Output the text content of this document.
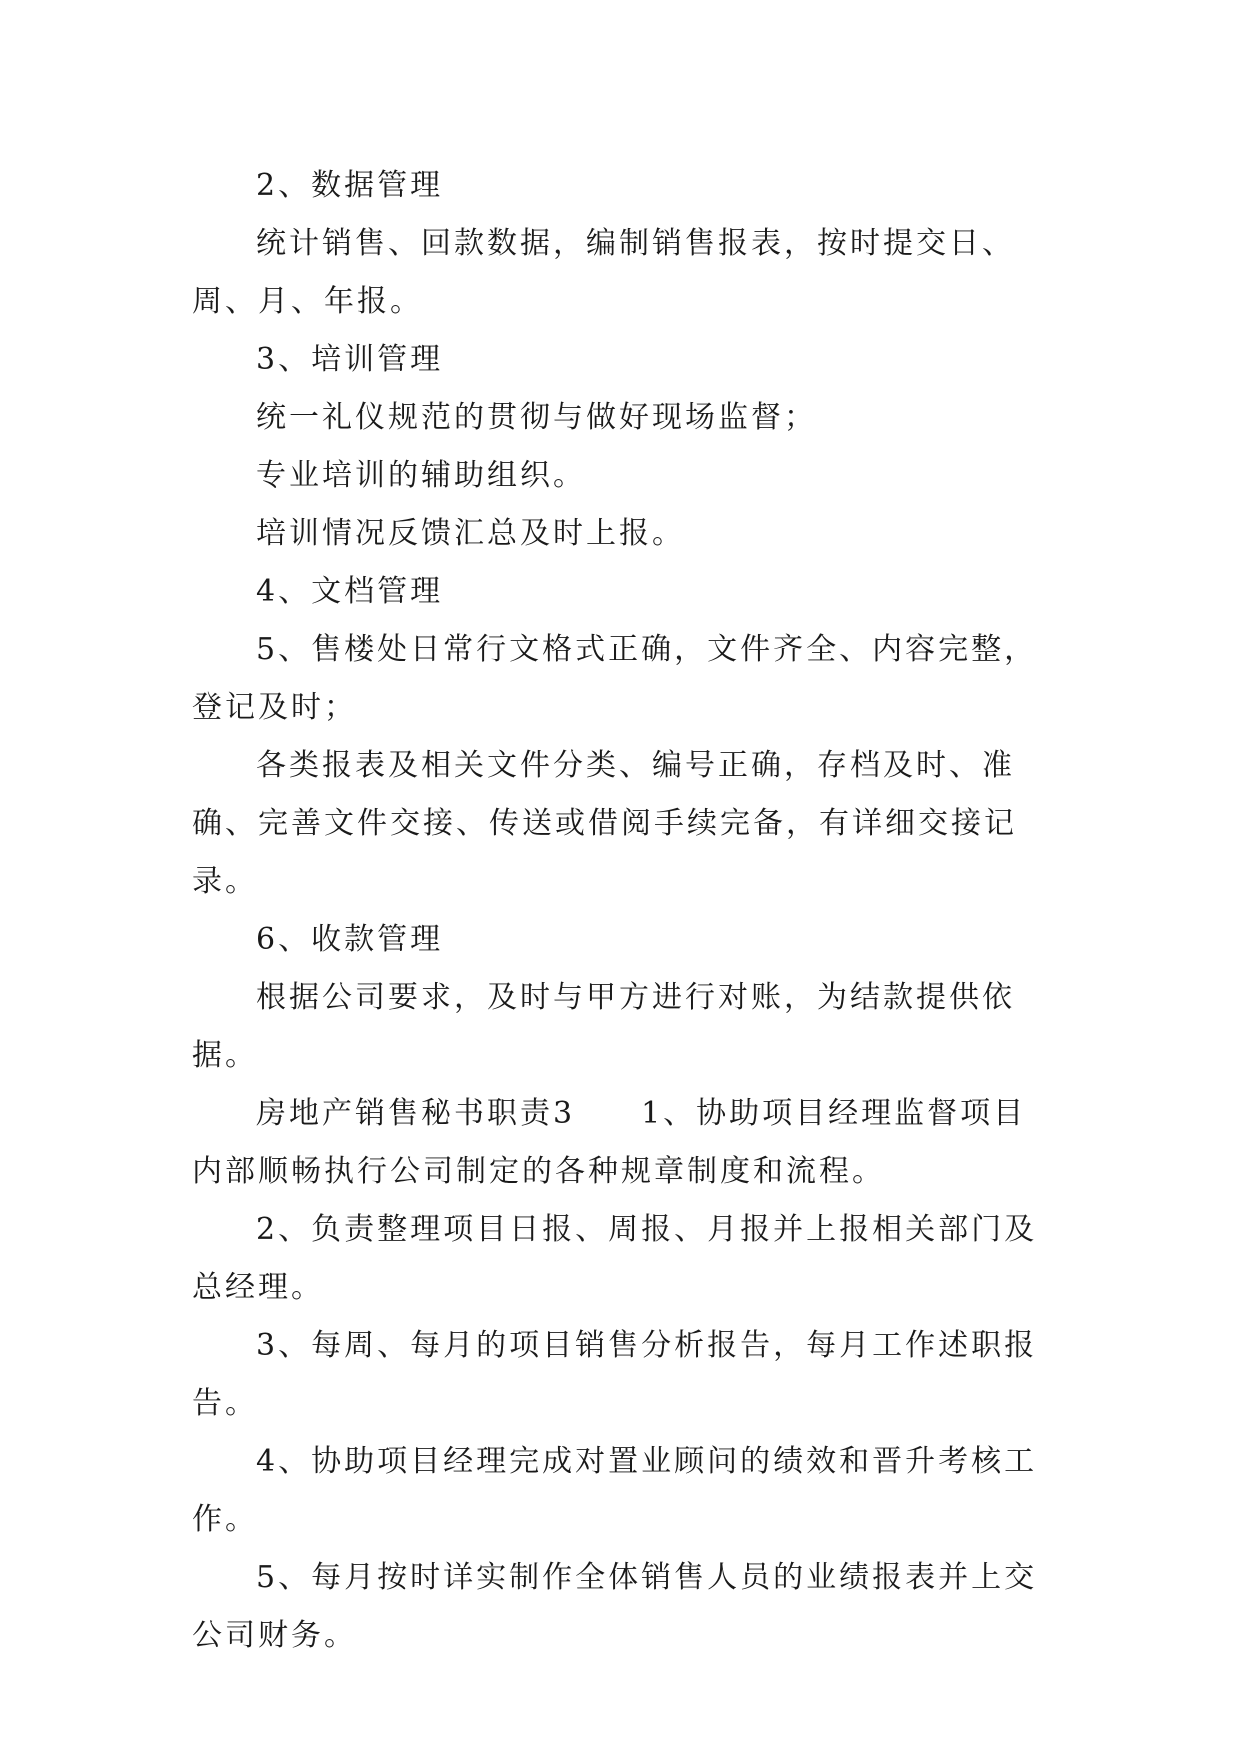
2、数据管理

统计销售、回款数据，编制销售报表，按时提交日、周、月、年报。

3、培训管理

统一礼仪规范的贯彻与做好现场监督；

专业培训的辅助组织。

培训情况反馈汇总及时上报。

4、文档管理

5、售楼处日常行文格式正确，文件齐全、内容完整，登记及时；

各类报表及相关文件分类、编号正确，存档及时、准确、完善文件交接、传送或借阅手续完备，有详细交接记录。

6、收款管理

根据公司要求，及时与甲方进行对账，为结款提供依据。

房地产销售秘书职责3　　1、协助项目经理监督项目内部顺畅执行公司制定的各种规章制度和流程。

2、负责整理项目日报、周报、月报并上报相关部门及总经理。

3、每周、每月的项目销售分析报告，每月工作述职报告。

4、协助项目经理完成对置业顾问的绩效和晋升考核工作。

5、每月按时详实制作全体销售人员的业绩报表并上交公司财务。
